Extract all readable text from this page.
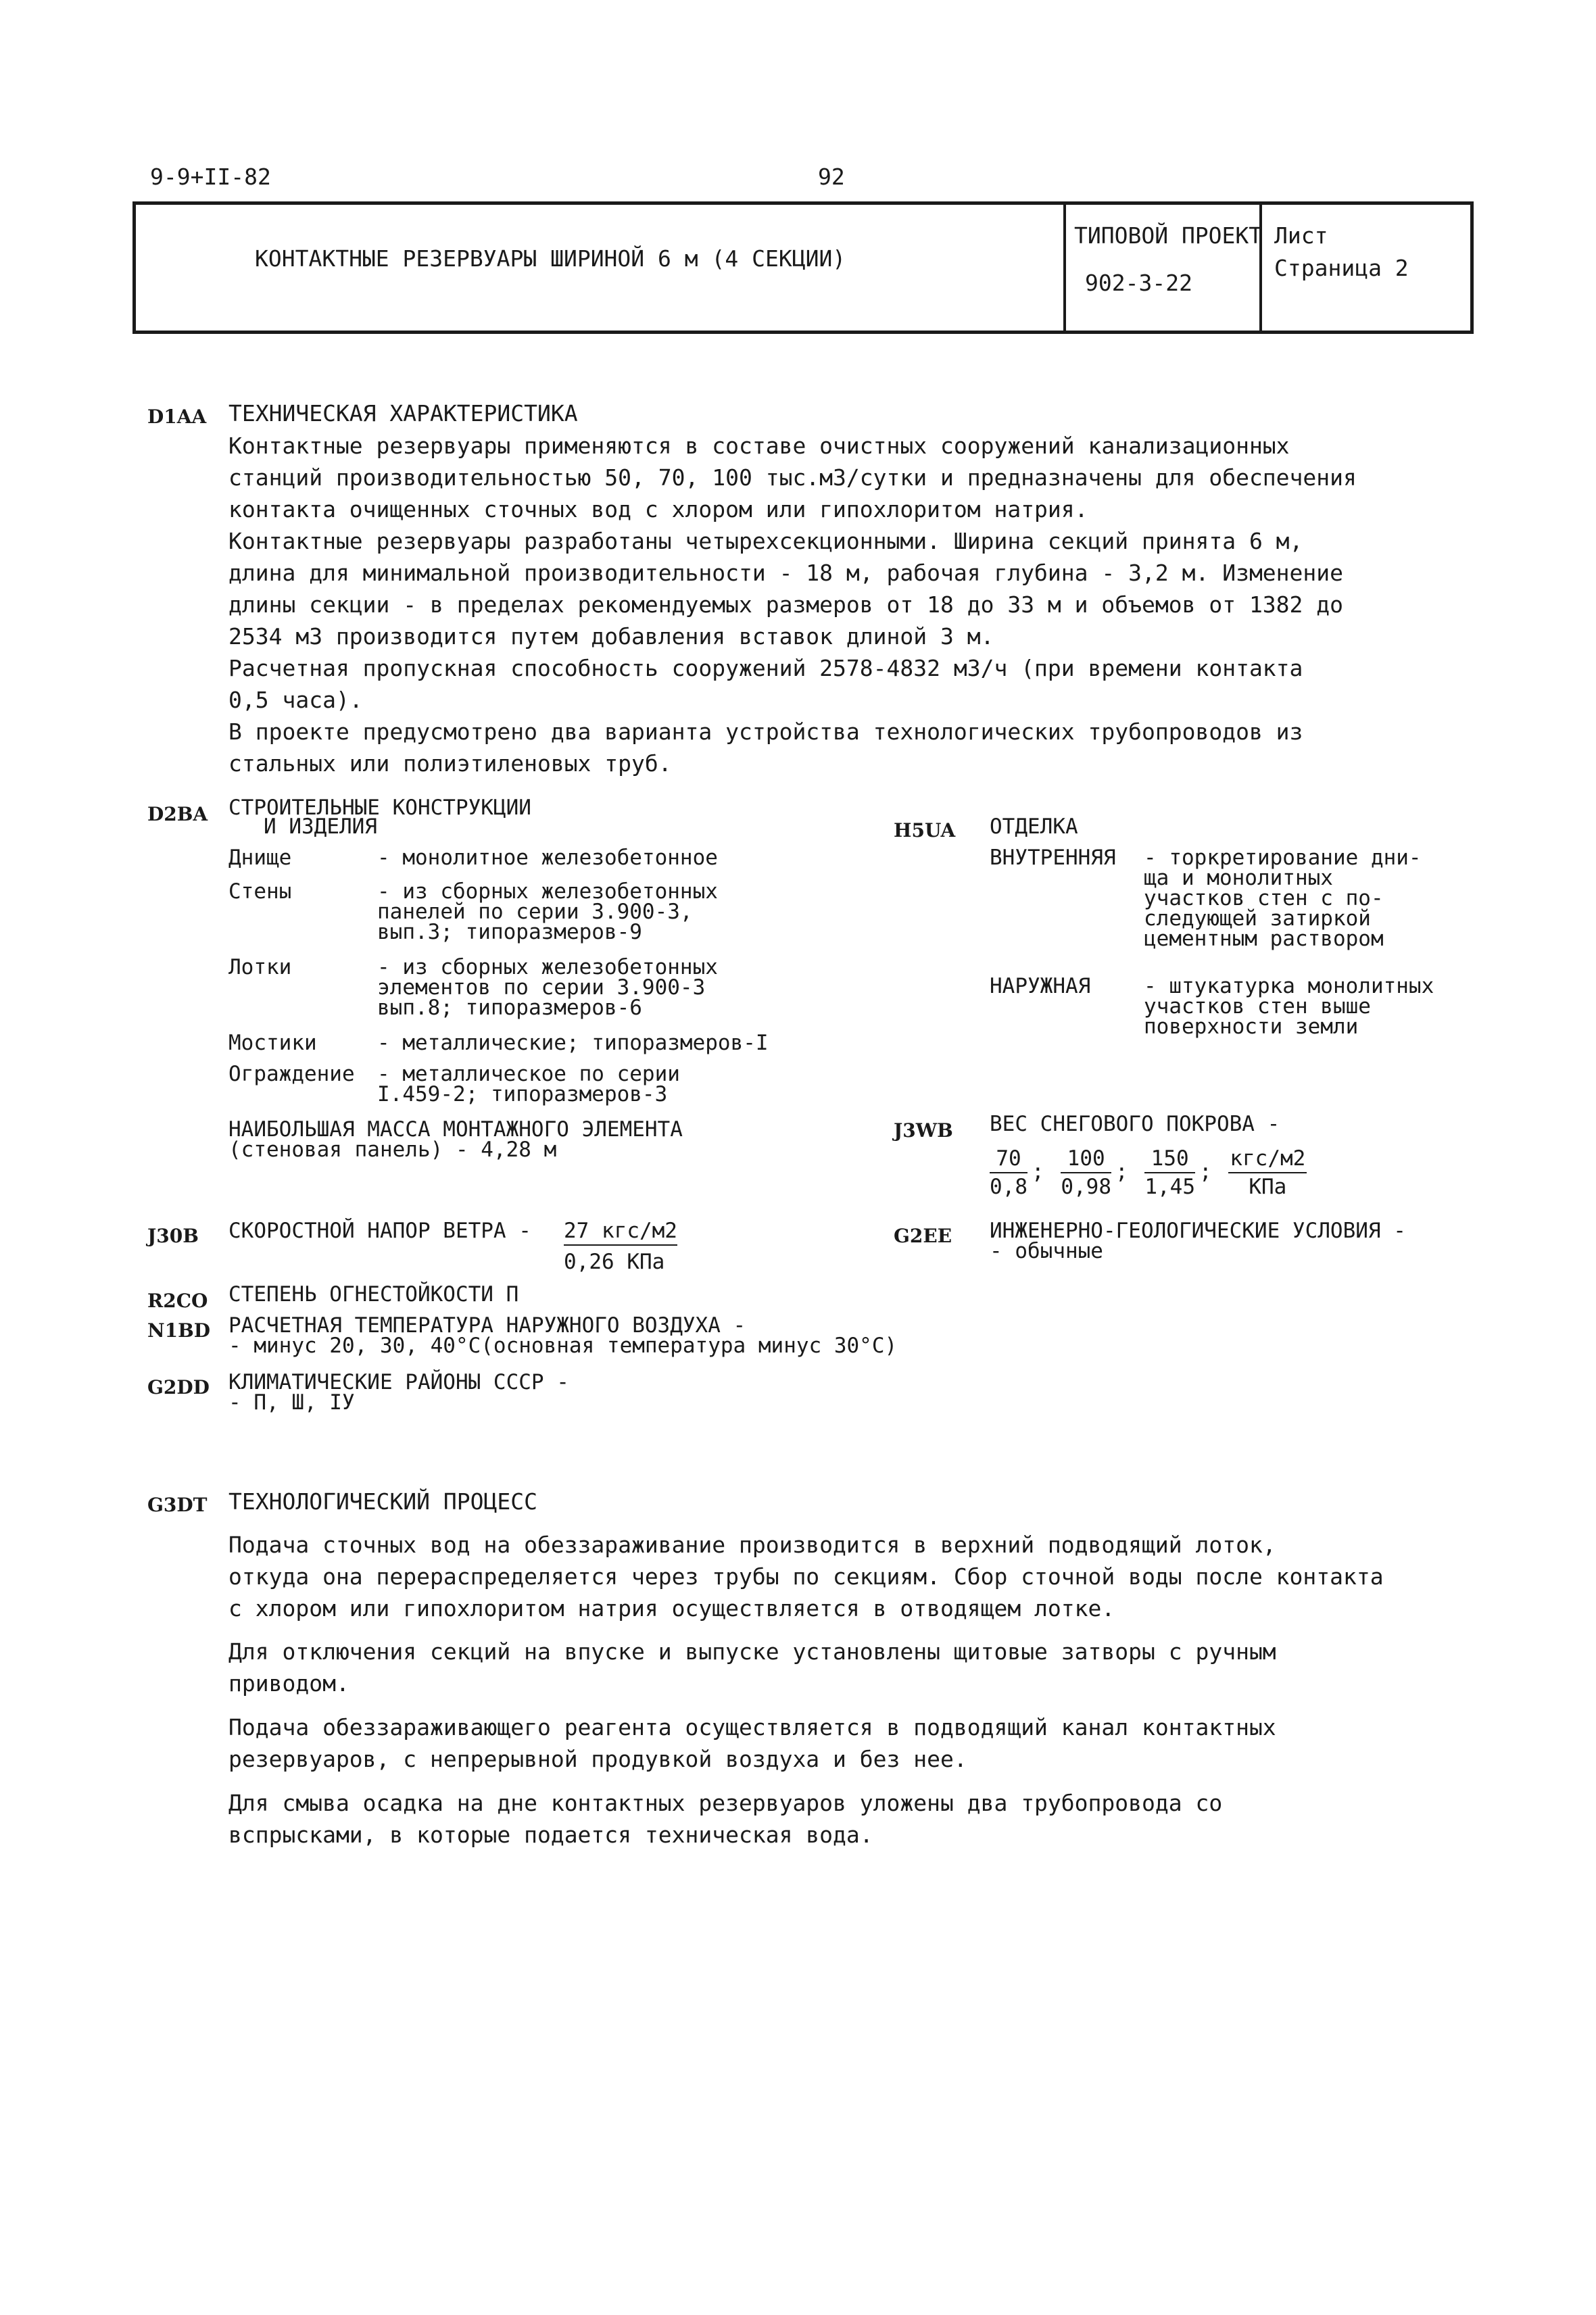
9-9+II-82	92
КОНТАКТНЫЕ РЕЗЕРВУАРЫ ШИРИНОЙ 6 м (4 СЕКЦИИ)
ТИПОВОЙ ПРОЕКТ
902-3-22
Лист
Страница 2
D1AA ТЕХНИЧЕСКАЯ ХАРАКТЕРИСТИКА
Контактные резервуары применяются в составе очистных сооружений канализационных
станций производительностью 50, 70, 100 тыс.м3/сутки и предназначены для обеспечения
контакта очищенных сточных вод с хлором или гипохлоритом натрия.
Контактные резервуары разработаны четырехсекционными. Ширина секций принята 6 м,
длина для минимальной производительности - 18 м, рабочая глубина - 3,2 м. Изменение
длины секции - в пределах рекомендуемых размеров от 18 до 33 м и объемов от 1382 до
2534 м3 производится путем добавления вставок длиной 3 м.
Расчетная пропускная способность сооружений 2578-4832 м3/ч (при времени контакта
0,5 часа).
В проекте предусмотрено два варианта устройства технологических трубопроводов из
стальных или полиэтиленовых труб.
D2BA СТРОИТЕЛЬНЫЕ КОНСТРУКЦИИ
И ИЗДЕЛИЯ
Днище	- монолитное железобетонное
Стены	- из сборных железобетонных
панелей по серии 3.900-3,
вып.3; типоразмеров-9
Лотки	- из сборных железобетонных
элементов по серии 3.900-3
вып.8; типоразмеров-6
Мостики	- металлические; типоразмеров-I
Ограждение - металлическое по серии
I.459-2; типоразмеров-3
НАИБОЛЬШАЯ МАССА МОНТАЖНОГО ЭЛЕМЕНТА
(стеновая панель) - 4,28 м
H5UA ОТДЕЛКА
ВНУТРЕННЯЯ - торкретирование дни-
ща и монолитных
участков стен с по-
следующей затиркой
цементным раствором
НАРУЖНАЯ	- штукатурка монолитных
участков стен выше
поверхности земли
J3WB ВЕС СНЕГОВОГО ПОКРОВА -
$\frac{70}{0,8}$ ; $\frac{100}{0,98}$ ; $\frac{150}{1,45}$ ; $\frac{\text{кгс/м2}}{\text{КПа}}$
J30B СКОРОСТНОЙ НАПОР ВЕТРА - 27 кгс/м2
0,26 КПа
G2EE ИНЖЕНЕРНО-ГЕОЛОГИЧЕСКИЕ УСЛОВИЯ -
- обычные
R2CO СТЕПЕНЬ ОГНЕСТОЙКОСТИ П
N1BD РАСЧЕТНАЯ ТЕМПЕРАТУРА НАРУЖНОГО ВОЗДУХА -
- минус 20, 30, 40°С(основная температура минус 30°С)
G2DD КЛИМАТИЧЕСКИЕ РАЙОНЫ СССР -
- П, Ш, IУ
G3DT ТЕХНОЛОГИЧЕСКИЙ ПРОЦЕСС
Подача сточных вод на обеззараживание производится в верхний подводящий лоток,
откуда она перераспределяется через трубы по секциям. Сбор сточной воды после контакта
с хлором или гипохлоритом натрия осуществляется в отводящем лотке.
Для отключения секций на впуске и выпуске установлены щитовые затворы с ручным
приводом.
Подача обеззараживающего реагента осуществляется в подводящий канал контактных
резервуаров, с непрерывной продувкой воздуха и без нее.
Для смыва осадка на дне контактных резервуаров уложены два трубопровода со
вспрысками, в которые подается техническая вода.
